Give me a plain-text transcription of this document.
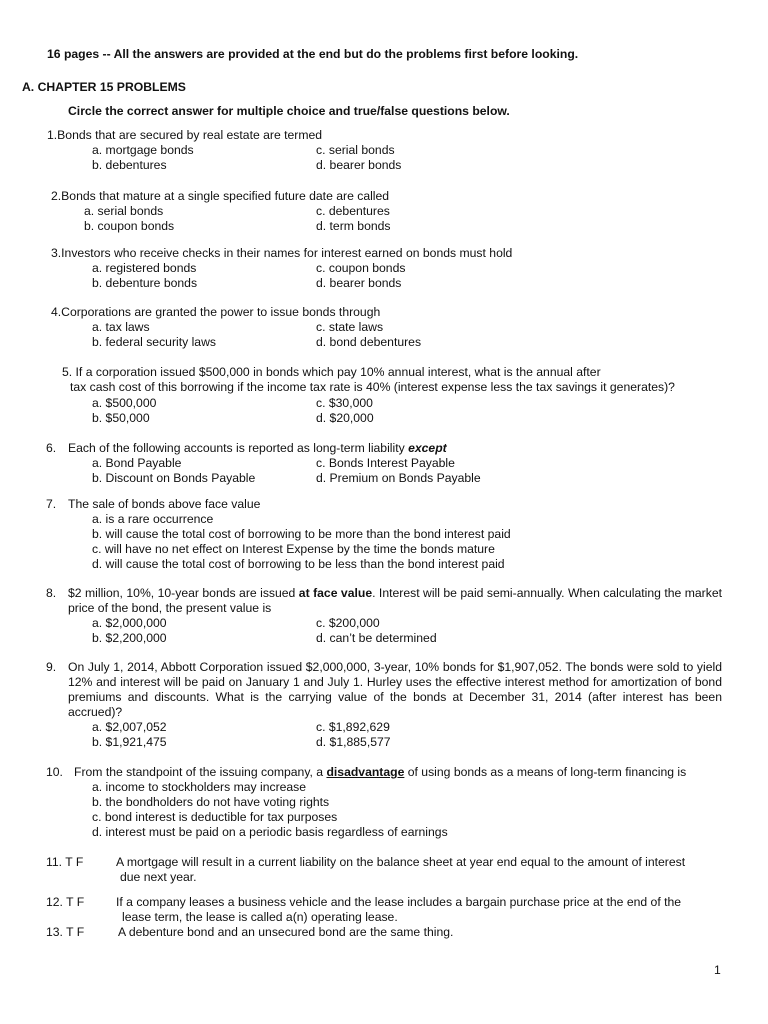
16 pages -- All the answers are provided at the end but do the problems first before looking.
A. CHAPTER 15 PROBLEMS
Circle the correct answer for multiple choice and true/false questions below.
1.Bonds that are secured by real estate are termed
a. mortgage bonds
b. debentures
c. serial bonds
d. bearer bonds
2.Bonds that mature at a single specified future date are called
a. serial bonds
b. coupon bonds
c. debentures
d. term bonds
3.Investors who receive checks in their names for interest earned on bonds must hold
a. registered bonds
b. debenture bonds
c. coupon bonds
d. bearer bonds
4.Corporations are granted the power to issue bonds through
a. tax laws
b. federal security laws
c. state laws
d. bond debentures
5. If a corporation issued $500,000 in bonds which pay 10% annual interest, what is the annual after
tax cash cost of this borrowing if the income tax rate is 40% (interest expense less the tax savings it generates)?
a. $500,000
b. $50,000
c. $30,000
d. $20,000
6. Each of the following accounts is reported as long-term liability except
a. Bond Payable
b. Discount on Bonds Payable
c. Bonds Interest Payable
d. Premium on Bonds Payable
7. The sale of bonds above face value
a. is a rare occurrence
b. will cause the total cost of borrowing to be more than the bond interest paid
c. will have no net effect on Interest Expense by the time the bonds mature
d. will cause the total cost of borrowing to be less than the bond interest paid
8. $2 million, 10%, 10-year bonds are issued at face value. Interest will be paid semi-annually. When calculating the market price of the bond, the present value is
a. $2,000,000
b. $2,200,000
c. $200,000
d. can’t be determined
9. On July 1, 2014, Abbott Corporation issued $2,000,000, 3-year, 10% bonds for $1,907,052. The bonds were sold to yield 12% and interest will be paid on January 1 and July 1. Hurley uses the effective interest method for amortization of bond premiums and discounts. What is the carrying value of the bonds at December 31, 2014 (after interest has been accrued)?
a. $2,007,052
b. $1,921,475
c. $1,892,629
d. $1,885,577
10. From the standpoint of the issuing company, a disadvantage of using bonds as a means of long-term financing is
a. income to stockholders may increase
b. the bondholders do not have voting rights
c. bond interest is deductible for tax purposes
d. interest must be paid on a periodic basis regardless of earnings
11. T F	A mortgage will result in a current liability on the balance sheet at year end equal to the amount of interest
due next year.
12. T F	If a company leases a business vehicle and the lease includes a bargain purchase price at the end of the
lease term, the lease is called a(n) operating lease.
13. T F	A debenture bond and an unsecured bond are the same thing.
1
